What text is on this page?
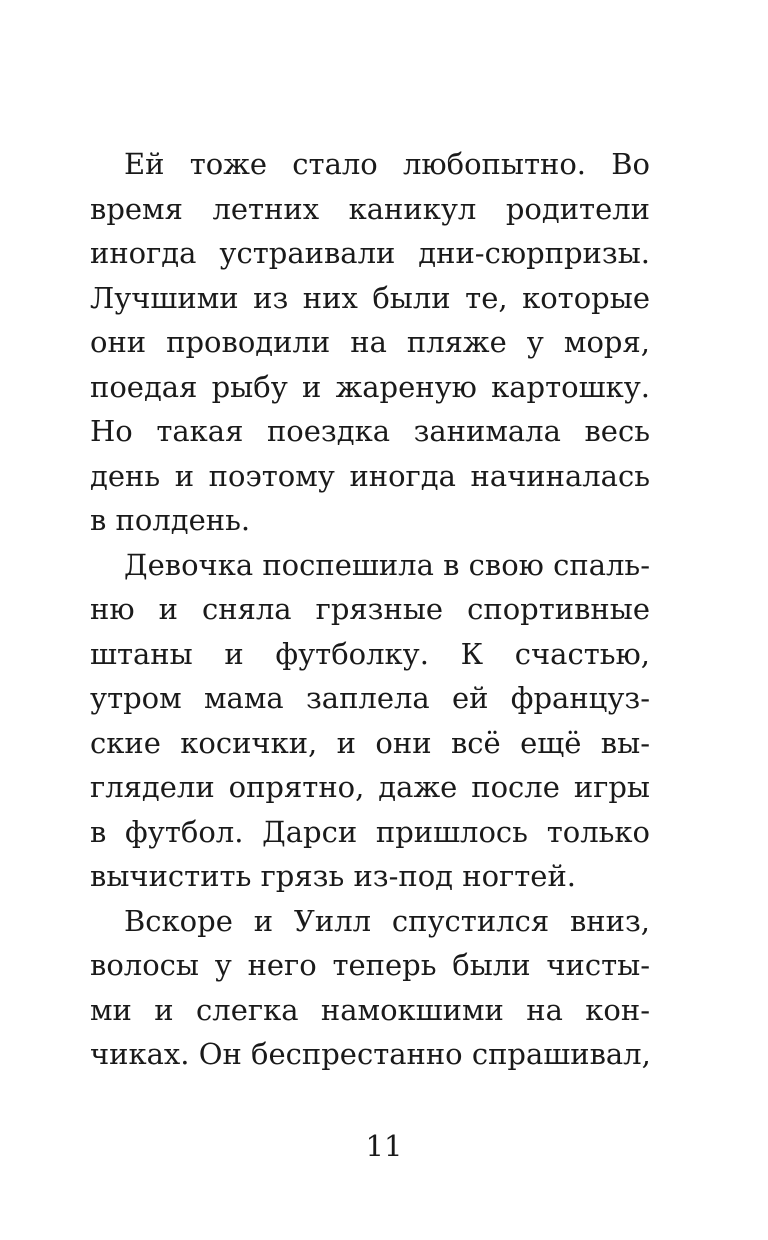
Ей тоже стало любопытно. Во
время летних каникул родители
иногда устраивали дни-сюрпризы.
Лучшими из них были те, которые
они проводили на пляже у моря,
поедая рыбу и жареную картошку.
Но такая поездка занимала весь
день и поэтому иногда начиналась
в полдень.
Девочка поспешила в свою спаль-
ню и сняла грязные спортивные
штаны и футболку. К счастью,
утром мама заплела ей француз-
ские косички, и они всё ещё вы-
глядели опрятно, даже после игры
в футбол. Дарси пришлось только
вычистить грязь из-под ногтей.
Вскоре и Уилл спустился вниз,
волосы у него теперь были чисты-
ми и слегка намокшими на кон-
чиках. Он беспрестанно спрашивал,
11
